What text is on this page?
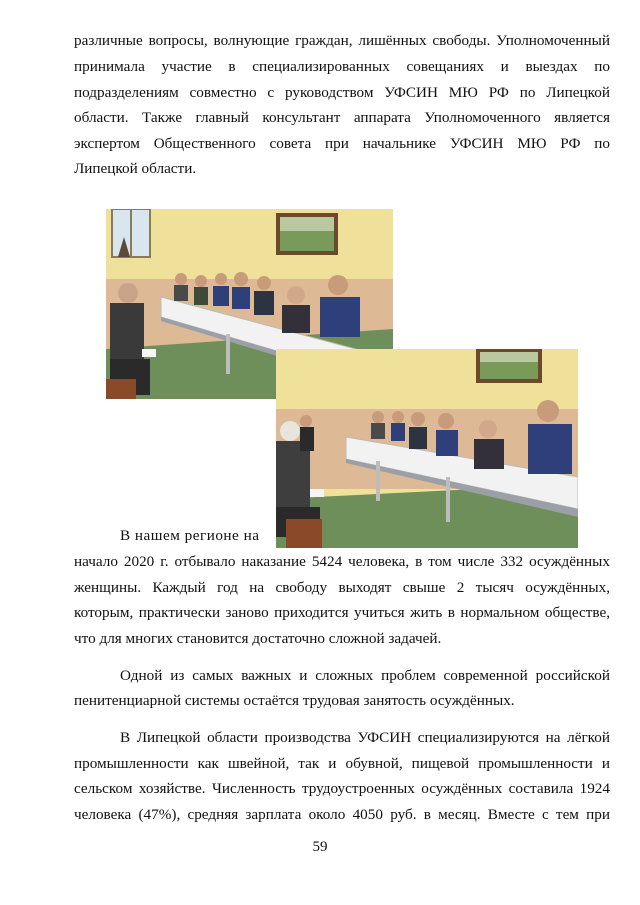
различные вопросы, волнующие граждан, лишённых свободы. Уполномоченный
принимала участие в специализированных совещаниях и выездах по
подразделениям совместно с руководством УФСИН МЮ РФ по Липецкой
области. Также главный консультант аппарата Уполномоченного является
экспертом Общественного совета при начальнике УФСИН МЮ РФ по
Липецкой области.
В нашем регионе на
начало 2020 г. отбывало наказание 5424 человека, в том числе 332 осуждённых
женщины. Каждый год на свободу выходят свыше 2 тысяч осуждённых,
которым, практически заново приходится учиться жить в нормальном обществе,
что для многих становится достаточно сложной задачей.
Одной из самых важных и сложных проблем современной российской
пенитенциарной системы остаётся трудовая занятость осуждённых.
В Липецкой области производства УФСИН специализируются на лёгкой
промышленности как швейной, так и обувной, пищевой промышленности и
сельском хозяйстве. Численность трудоустроенных осуждённых составила 1924
человека (47%), средняя зарплата около 4050 руб. в месяц. Вместе с тем при
59
